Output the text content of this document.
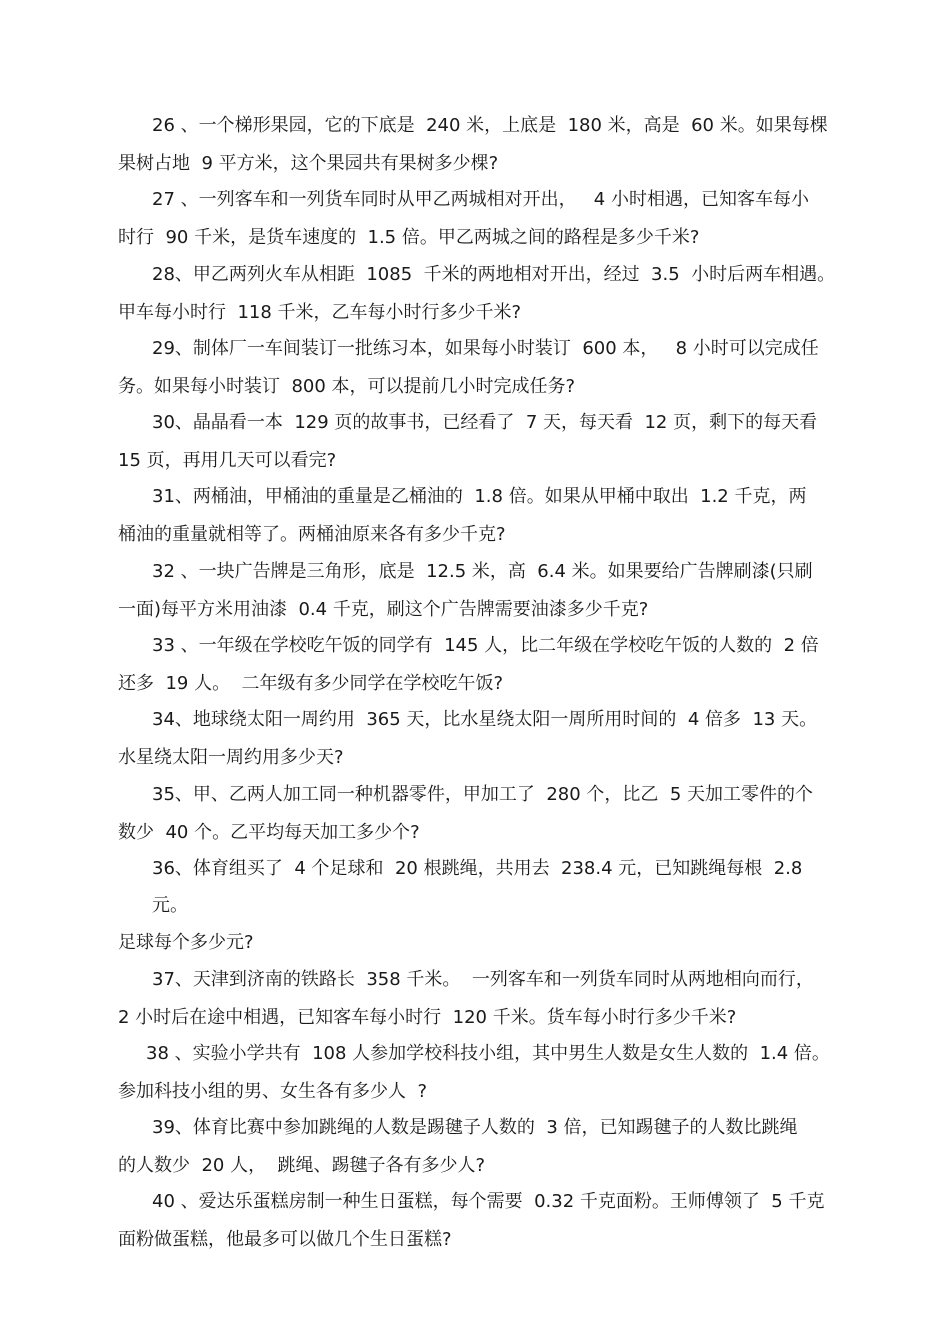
26 、一个梯形果园，它的下底是  240 米，上底是  180 米，高是  60 米。如果每棵
果树占地  9 平方米，这个果园共有果树多少棵?
27 、一列客车和一列货车同时从甲乙两城相对开出，   4 小时相遇，已知客车每小
时行  90 千米，是货车速度的  1.5 倍。甲乙两城之间的路程是多少千米?
28、甲乙两列火车从相距  1085  千米的两地相对开出，经过  3.5  小时后两车相遇。
甲车每小时行  118 千米，乙车每小时行多少千米?
29、制体厂一车间装订一批练习本，如果每小时装订  600 本，   8 小时可以完成任
务。如果每小时装订  800 本，可以提前几小时完成任务?
30、晶晶看一本  129 页的故事书，已经看了  7 天，每天看  12 页，剩下的每天看
15 页，再用几天可以看完?
31、两桶油，甲桶油的重量是乙桶油的  1.8 倍。如果从甲桶中取出  1.2 千克，两
桶油的重量就相等了。两桶油原来各有多少千克?
32 、一块广告牌是三角形，底是  12.5 米，高  6.4 米。如果要给广告牌刷漆(只刷
一面)每平方米用油漆  0.4 千克，刷这个广告牌需要油漆多少千克?
33 、一年级在学校吃午饭的同学有  145 人，比二年级在学校吃午饭的人数的  2 倍
还多  19 人。  二年级有多少同学在学校吃午饭?
34、地球绕太阳一周约用  365 天，比水星绕太阳一周所用时间的  4 倍多  13 天。
水星绕太阳一周约用多少天?
35、甲、乙两人加工同一种机器零件，甲加工了  280 个，比乙  5 天加工零件的个
数少  40 个。乙平均每天加工多少个?
36、体育组买了  4 个足球和  20 根跳绳，共用去  238.4 元，已知跳绳每根  2.8
元。
足球每个多少元?
37、天津到济南的铁路长  358 千米。  一列客车和一列货车同时从两地相向而行，
2 小时后在途中相遇，已知客车每小时行  120 千米。货车每小时行多少千米?
38 、实验小学共有  108 人参加学校科技小组，其中男生人数是女生人数的  1.4 倍。
参加科技小组的男、女生各有多少人  ?
39、体育比赛中参加跳绳的人数是踢毽子人数的  3 倍，已知踢毽子的人数比跳绳
的人数少  20 人，  跳绳、踢毽子各有多少人?
40 、爱达乐蛋糕房制一种生日蛋糕，每个需要  0.32 千克面粉。王师傅领了  5 千克
面粉做蛋糕，他最多可以做几个生日蛋糕?
